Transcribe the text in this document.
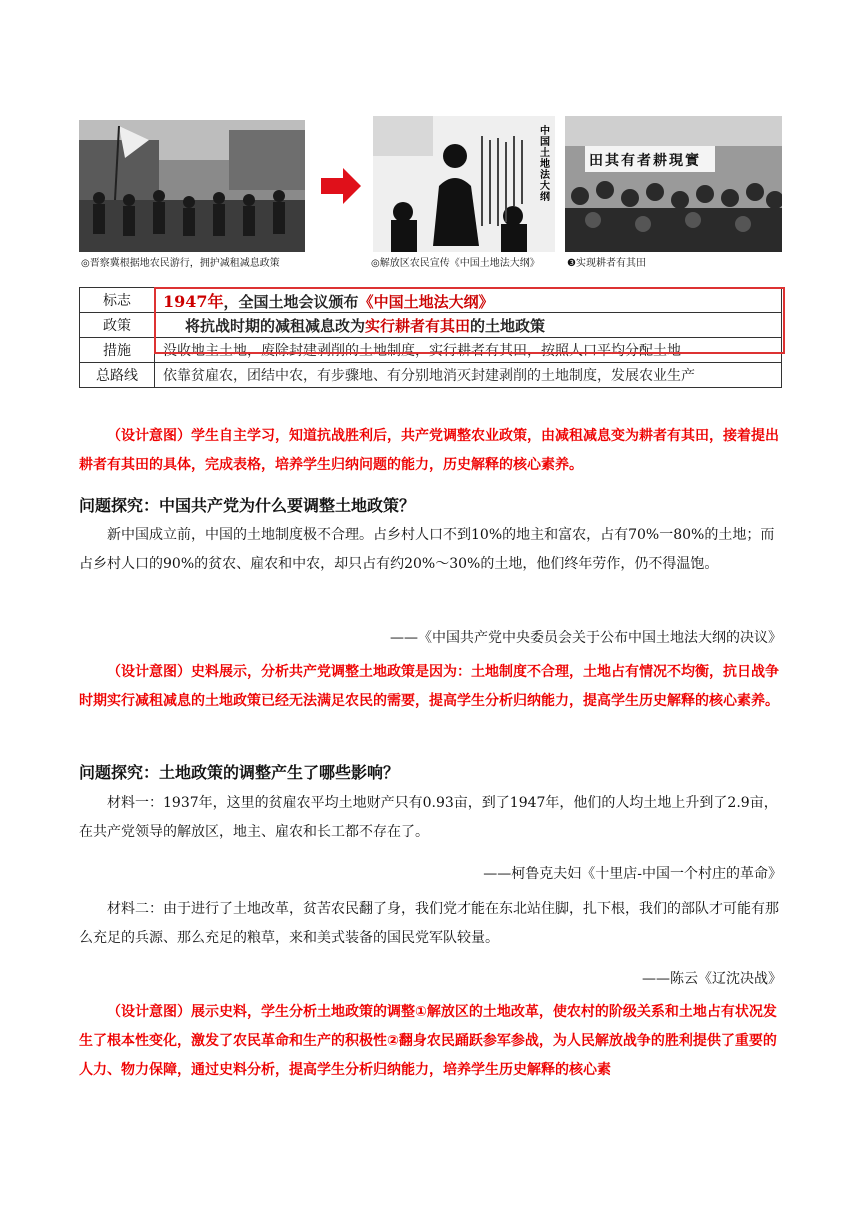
◎晋察冀根据地农民游行，拥护减租减息政策
中国土地法大纲
◎解放区农民宣传《中国土地法大纲》
田其有者耕現實
❸实现耕者有其田
标志	1947年，全国土地会议颁布《中国土地法大纲》
政策	将抗战时期的减租减息改为实行耕者有其田的土地政策
措施	没收地主土地，废除封建剥削的土地制度，实行耕者有其田，按照人口平均分配土地
总路线	依靠贫雇农，团结中农，有步骤地、有分别地消灭封建剥削的土地制度，发展农业生产
（设计意图）学生自主学习，知道抗战胜利后，共产党调整农业政策，由减租减息变为耕者有其田，接着提出耕者有其田的具体，完成表格，培养学生归纳问题的能力，历史解释的核心素养。
问题探究：中国共产党为什么要调整土地政策？
新中国成立前，中国的土地制度极不合理。占乡村人口不到10%的地主和富农，占有70%一80%的土地；而占乡村人口的90%的贫农、雇农和中农，却只占有约20%～30%的土地，他们终年劳作，仍不得温饱。
——《中国共产党中央委员会关于公布中国土地法大纲的决议》
（设计意图）史料展示，分析共产党调整土地政策是因为：土地制度不合理，土地占有情况不均衡，抗日战争时期实行减租减息的土地政策已经无法满足农民的需要，提高学生分析归纳能力，提高学生历史解释的核心素养。
问题探究：土地政策的调整产生了哪些影响？
材料一：1937年，这里的贫雇农平均土地财产只有0.93亩，到了1947年，他们的人均土地上升到了2.9亩，在共产党领导的解放区，地主、雇农和长工都不存在了。
——柯鲁克夫妇《十里店-中国一个村庄的革命》
材料二：由于进行了土地改革，贫苦农民翻了身，我们党才能在东北站住脚，扎下根，我们的部队才可能有那么充足的兵源、那么充足的粮草，来和美式装备的国民党军队较量。
——陈云《辽沈决战》
（设计意图）展示史料，学生分析土地政策的调整①解放区的土地改革，使农村的阶级关系和土地占有状况发生了根本性变化，激发了农民革命和生产的积极性②翻身农民踊跃参军参战，为人民解放战争的胜利提供了重要的人力、物力保障，通过史料分析，提高学生分析归纳能力，培养学生历史解释的核心素
